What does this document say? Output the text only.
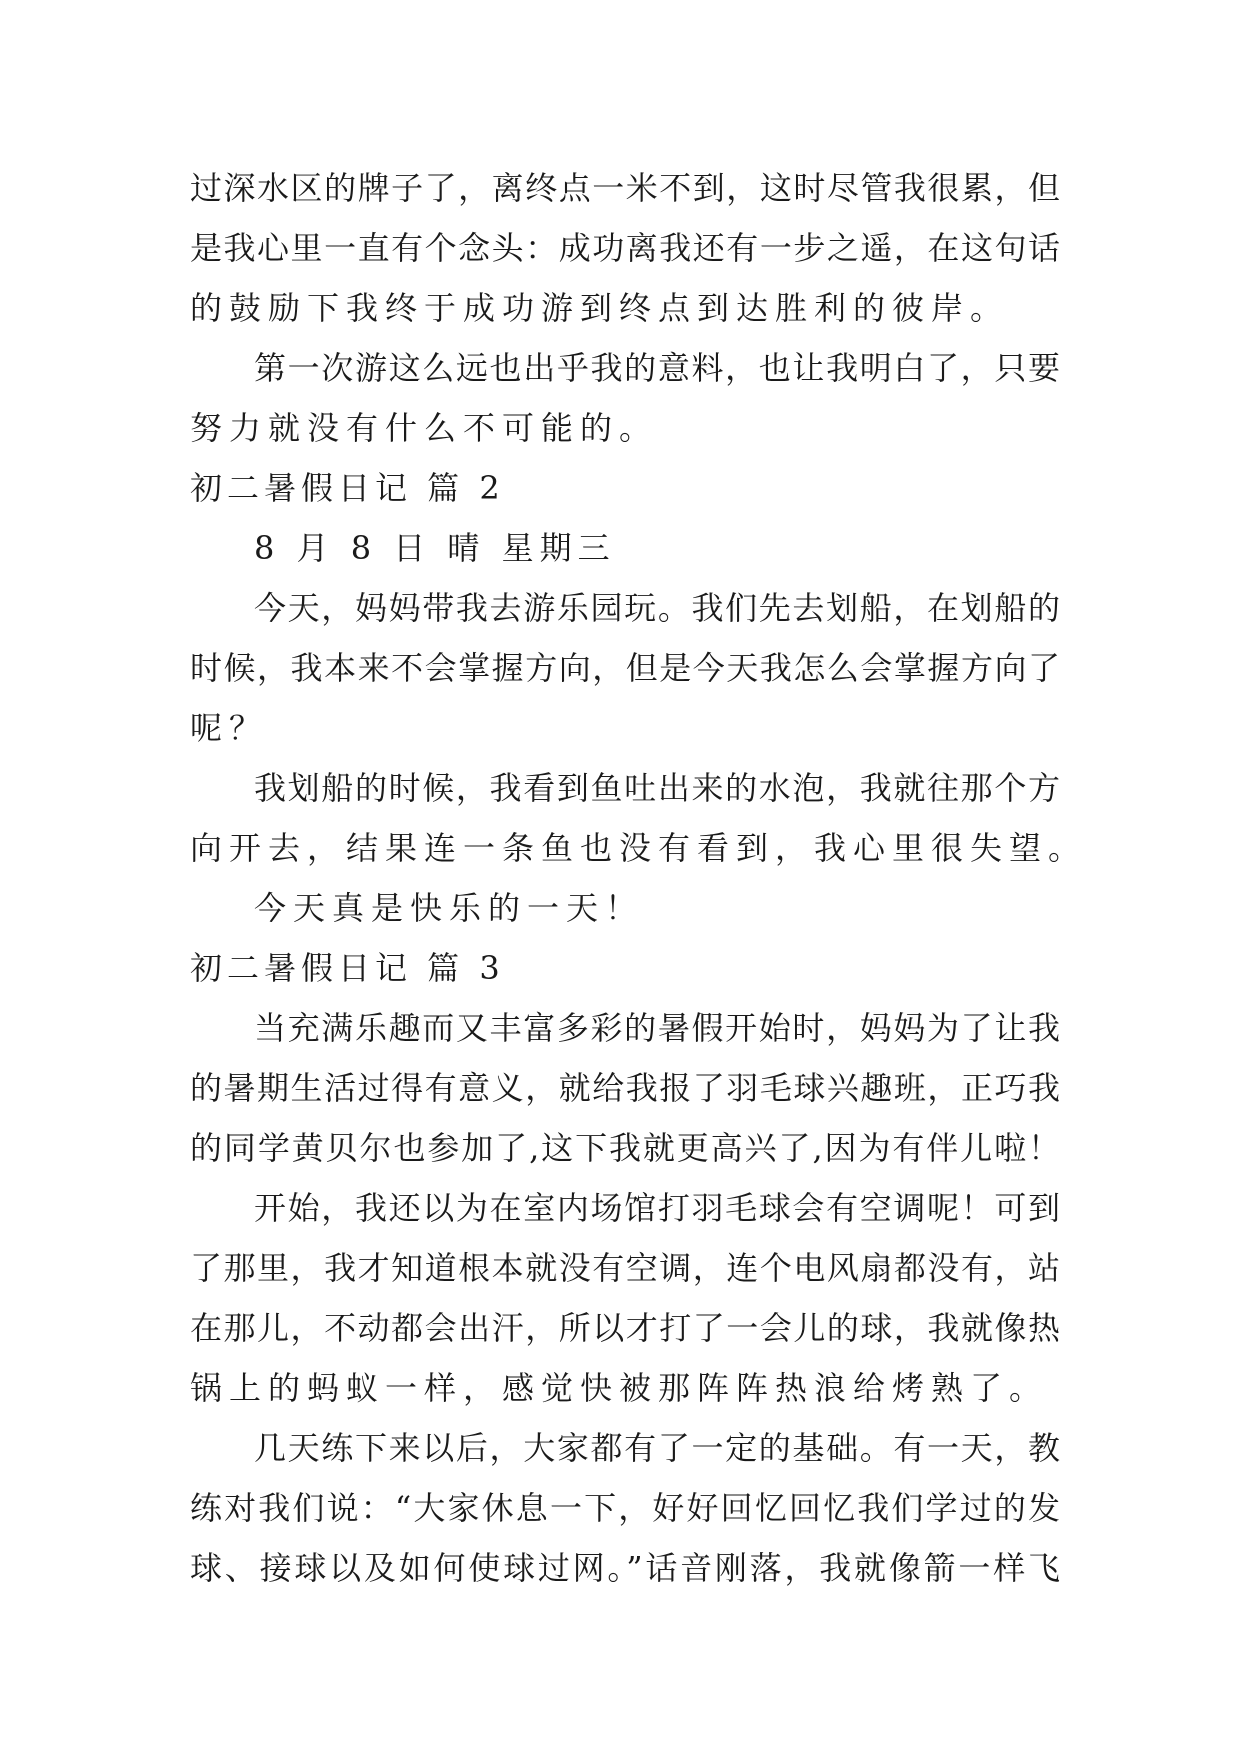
过深水区的牌子了，离终点一米不到，这时尽管我很累，但
是我心里一直有个念头：成功离我还有一步之遥，在这句话
的鼓励下我终于成功游到终点到达胜利的彼岸。
第一次游这么远也出乎我的意料，也让我明白了，只要
努力就没有什么不可能的。
初二暑假日记 篇 2
8 月 8 日 晴 星期三
今天，妈妈带我去游乐园玩。我们先去划船，在划船的
时候，我本来不会掌握方向，但是今天我怎么会掌握方向了
呢？
我划船的时候，我看到鱼吐出来的水泡，我就往那个方
向开去，结果连一条鱼也没有看到，我心里很失望。
今天真是快乐的一天！
初二暑假日记 篇 3
当充满乐趣而又丰富多彩的暑假开始时，妈妈为了让我
的暑期生活过得有意义，就给我报了羽毛球兴趣班，正巧我
的同学黄贝尔也参加了,这下我就更高兴了,因为有伴儿啦！
开始，我还以为在室内场馆打羽毛球会有空调呢！可到
了那里，我才知道根本就没有空调，连个电风扇都没有，站
在那儿，不动都会出汗，所以才打了一会儿的球，我就像热
锅上的蚂蚁一样，感觉快被那阵阵热浪给烤熟了。
几天练下来以后，大家都有了一定的基础。有一天，教
练对我们说：“大家休息一下，好好回忆回忆我们学过的发
球、接球以及如何使球过网。”话音刚落，我就像箭一样飞
